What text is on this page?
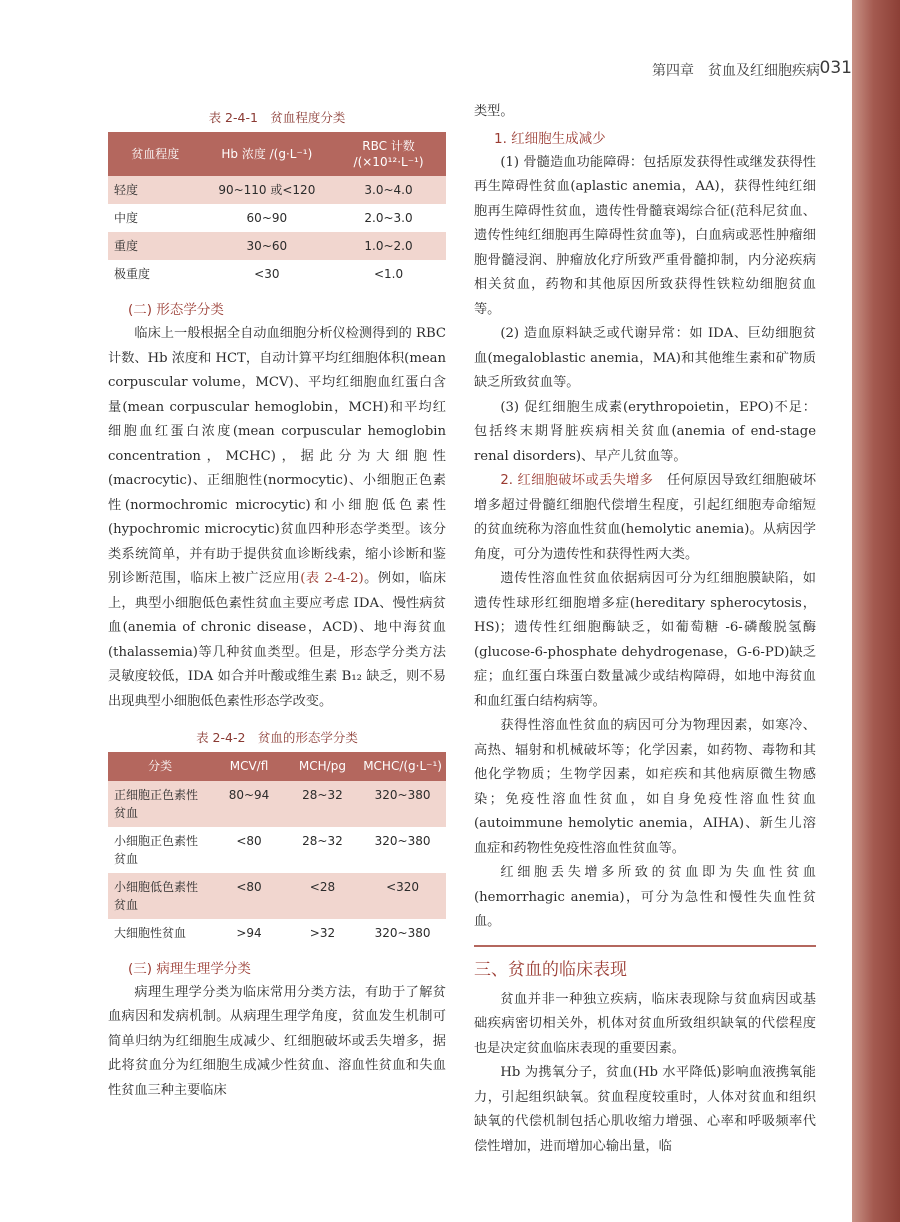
第四章　贫血及红细胞疾病 031
表 2-4-1　贫血程度分类
贫血程度	Hb 浓度 /(g·L⁻¹)	RBC 计数 /(×10¹²·L⁻¹)
轻度	90~110 或<120	3.0~4.0
中度	60~90	2.0~3.0
重度	30~60	1.0~2.0
极重度	<30	<1.0
(二) 形态学分类

临床上一般根据全自动血细胞分析仪检测得到的 RBC 计数、Hb 浓度和 HCT，自动计算平均红细胞体积(mean corpuscular volume，MCV)、平均红细胞血红蛋白含量(mean corpuscular hemoglobin，MCH)和平均红细胞血红蛋白浓度(mean corpuscular hemoglobin concentration，MCHC)，据此分为大细胞性(macrocytic)、正细胞性(normocytic)、小细胞正色素性(normochromic microcytic)和小细胞低色素性(hypochromic microcytic)贫血四种形态学类型。该分类系统简单，并有助于提供贫血诊断线索，缩小诊断和鉴别诊断范围，临床上被广泛应用(表 2-4-2)。例如，临床上，典型小细胞低色素性贫血主要应考虑 IDA、慢性病贫血(anemia of chronic disease，ACD)、地中海贫血(thalassemia)等几种贫血类型。但是，形态学分类方法灵敏度较低，IDA 如合并叶酸或维生素 B₁₂ 缺乏，则不易出现典型小细胞低色素性形态学改变。

表 2-4-2　贫血的形态学分类
分类	MCV/fl	MCH/pg	MCHC/(g·L⁻¹)
正细胞正色素性贫血	80~94	28~32	320~380
小细胞正色素性贫血	<80	28~32	320~380
小细胞低色素性贫血	<80	<28	<320
大细胞性贫血	>94	>32	320~380
(三) 病理生理学分类

病理生理学分类为临床常用分类方法，有助于了解贫血病因和发病机制。从病理生理学角度，贫血发生机制可简单归纳为红细胞生成减少、红细胞破坏或丢失增多，据此将贫血分为红细胞生成减少性贫血、溶血性贫血和失血性贫血三种主要临床

类型。

1. 红细胞生成减少

(1) 骨髓造血功能障碍：包括原发获得性或继发获得性再生障碍性贫血(aplastic anemia，AA)，获得性纯红细胞再生障碍性贫血，遗传性骨髓衰竭综合征(范科尼贫血、遗传性纯红细胞再生障碍性贫血等)，白血病或恶性肿瘤细胞骨髓浸润、肿瘤放化疗所致严重骨髓抑制，内分泌疾病相关贫血，药物和其他原因所致获得性铁粒幼细胞贫血等。

(2) 造血原料缺乏或代谢异常：如 IDA、巨幼细胞贫血(megaloblastic anemia，MA)和其他维生素和矿物质缺乏所致贫血等。

(3) 促红细胞生成素(erythropoietin，EPO)不足：包括终末期肾脏疾病相关贫血(anemia of end-stage renal disorders)、早产儿贫血等。

2. 红细胞破坏或丢失增多　 任何原因导致红细胞破坏增多超过骨髓红细胞代偿增生程度，引起红细胞寿命缩短的贫血统称为溶血性贫血(hemolytic anemia)。从病因学角度，可分为遗传性和获得性两大类。

遗传性溶血性贫血依据病因可分为红细胞膜缺陷，如遗传性球形红细胞增多症(hereditary spherocytosis，HS)；遗传性红细胞酶缺乏，如葡萄糖 -6-磷酸脱氢酶(glucose-6-phosphate dehydrogenase，G-6-PD)缺乏症；血红蛋白珠蛋白数量减少或结构障碍，如地中海贫血和血红蛋白结构病等。

获得性溶血性贫血的病因可分为物理因素，如寒冷、高热、辐射和机械破坏等；化学因素，如药物、毒物和其他化学物质；生物学因素，如疟疾和其他病原微生物感染；免疫性溶血性贫血，如自身免疫性溶血性贫血(autoimmune hemolytic anemia，AIHA)、新生儿溶血症和药物性免疫性溶血性贫血等。

红细胞丢失增多所致的贫血即为失血性贫血(hemorrhagic anemia)，可分为急性和慢性失血性贫血。

三、贫血的临床表现

贫血并非一种独立疾病，临床表现除与贫血病因或基础疾病密切相关外，机体对贫血所致组织缺氧的代偿程度也是决定贫血临床表现的重要因素。

Hb 为携氧分子，贫血(Hb 水平降低)影响血液携氧能力，引起组织缺氧。贫血程度较重时，人体对贫血和组织缺氧的代偿机制包括心肌收缩力增强、心率和呼吸频率代偿性增加，进而增加心输出量，临
